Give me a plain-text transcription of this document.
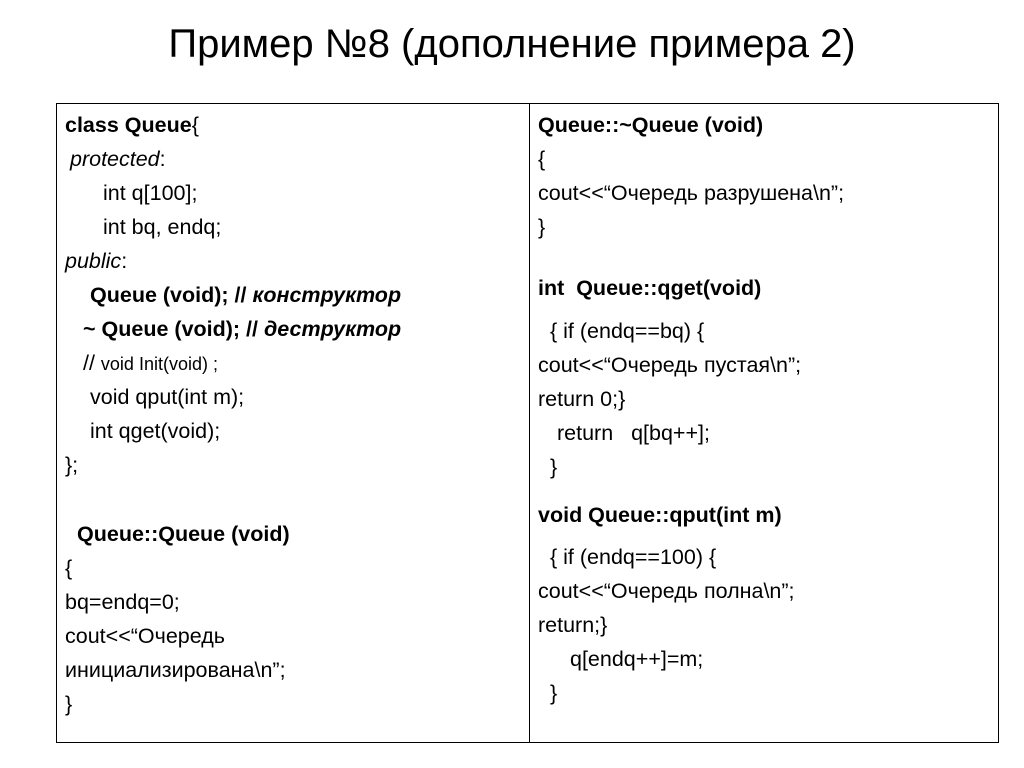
Пример №8 (дополнение примера 2)
class Queue{
protected:
int q[100];
int bq, endq;
public:
Queue (void); // конструктор
~ Queue (void); // деструктор
// void Init(void) ;
void qput(int m);
int qget(void);
};
Queue::Queue (void)
{
bq=endq=0;
cout<<“Очередь
инициализирована\n”;
}
Queue::~Queue (void)
{
cout<<“Очередь разрушена\n”;
}
int  Queue::qget(void)
{ if (endq==bq) {
cout<<“Очередь пустая\n”;
return 0;}
return   q[bq++];
}
void Queue::qput(int m)
{ if (endq==100) {
cout<<“Очередь полна\n”;
return;}
q[endq++]=m;
}
